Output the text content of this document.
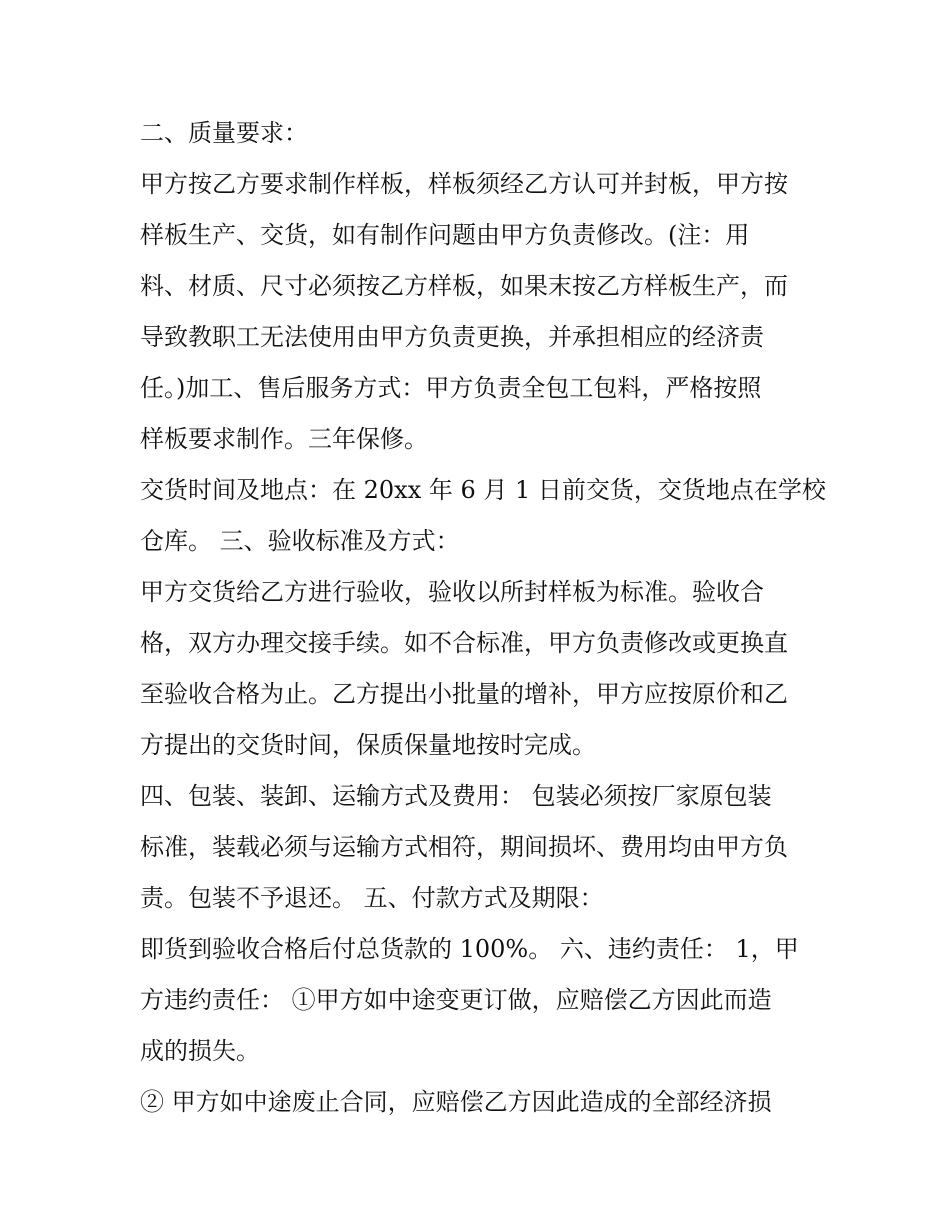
二、质量要求：
甲方按乙方要求制作样板，样板须经乙方认可并封板，甲方按
样板生产、交货，如有制作问题由甲方负责修改。(注：用
料、材质、尺寸必须按乙方样板，如果末按乙方样板生产，而
导致教职工无法使用由甲方负责更换，并承担相应的经济责
任。)加工、售后服务方式：甲方负责全包工包料，严格按照
样板要求制作。三年保修。
交货时间及地点：在 20xx 年 6 月 1 日前交货，交货地点在学校
仓库。 三、验收标准及方式：
甲方交货给乙方进行验收，验收以所封样板为标准。验收合
格，双方办理交接手续。如不合标准，甲方负责修改或更换直
至验收合格为止。乙方提出小批量的增补，甲方应按原价和乙
方提出的交货时间，保质保量地按时完成。
四、包装、装卸、运输方式及费用： 包装必须按厂家原包装
标准，装载必须与运输方式相符，期间损坏、费用均由甲方负
责。包装不予退还。 五、付款方式及期限：
即货到验收合格后付总货款的 100%。 六、违约责任： 1，甲
方违约责任： ①甲方如中途变更订做，应赔偿乙方因此而造
成的损失。
② 甲方如中途废止合同，应赔偿乙方因此造成的全部经济损
